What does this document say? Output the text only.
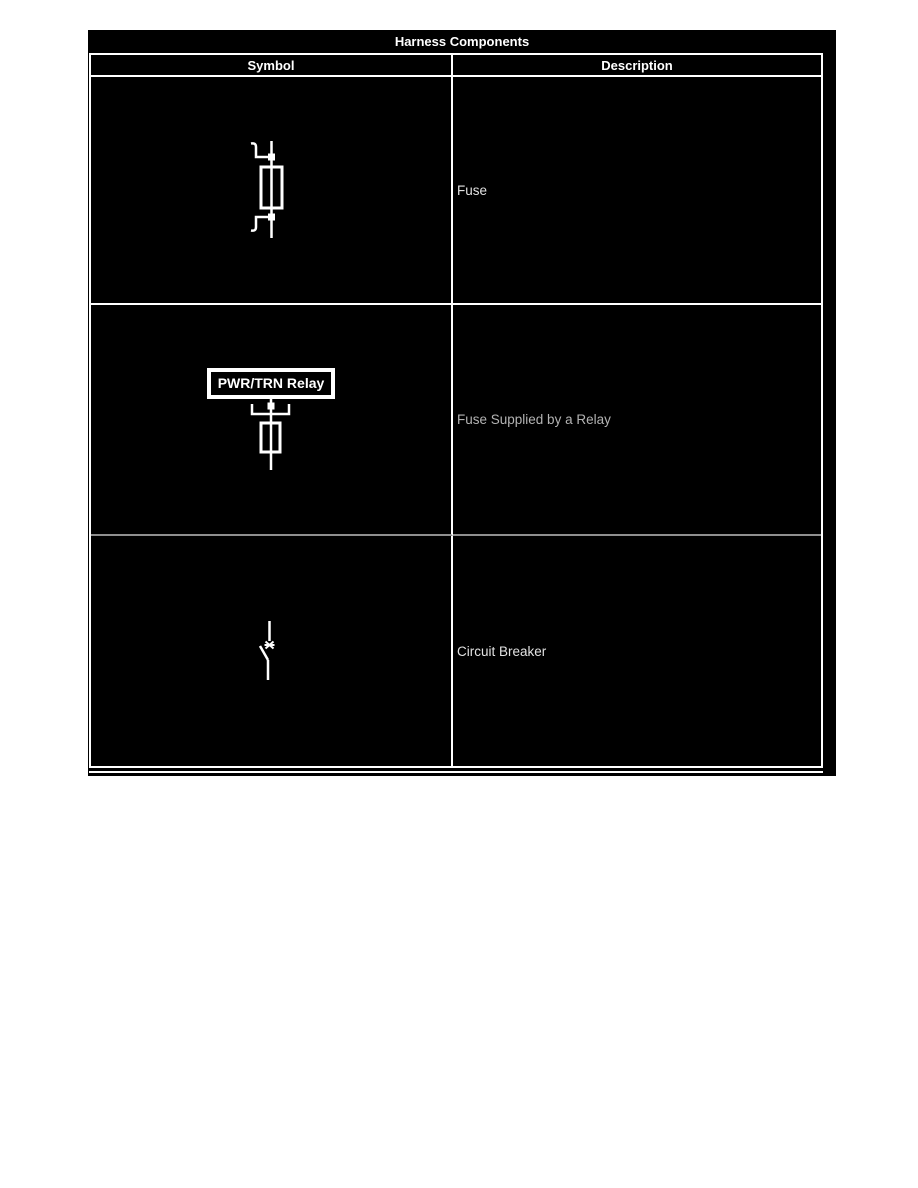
Harness Components
Symbol	Description
Fuse
PWR/TRN Relay
Fuse Supplied by a Relay
Circuit Breaker
